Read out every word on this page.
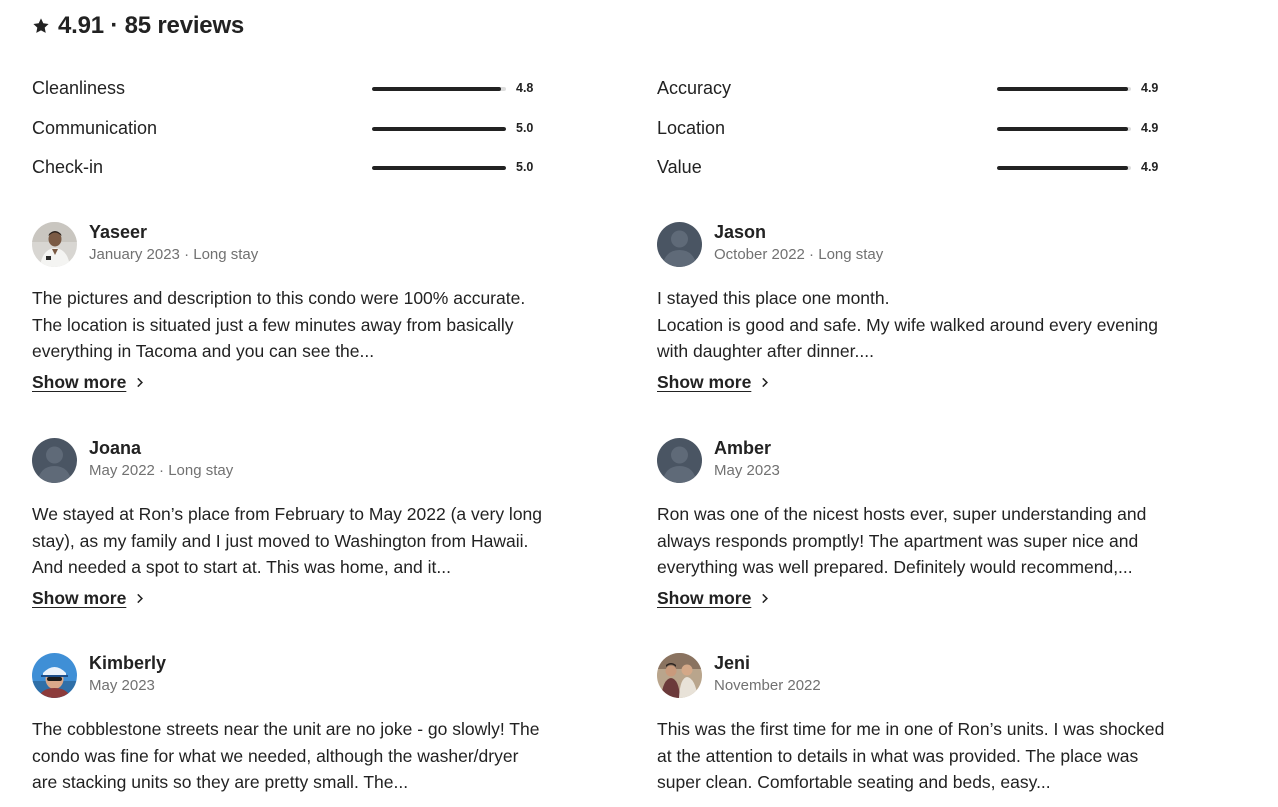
4.91 · 85 reviews
Cleanliness	4.8
Communication	5.0
Check-in	5.0
Accuracy	4.9
Location	4.9
Value	4.9
Yaseer
January 2023 · Long stay

The pictures and description to this condo were 100% accurate. The location is situated just a few minutes away from basically everything in Tacoma and you can see the...

Show more
Jason
October 2022 · Long stay

I stayed this place one month.
Location is good and safe. My wife walked around every evening with daughter after dinner....

Show more
Joana
May 2022 · Long stay

We stayed at Ron’s place from February to May 2022 (a very long stay), as my family and I just moved to Washington from Hawaii. And needed a spot to start at. This was home, and it...

Show more
Amber
May 2023

Ron was one of the nicest hosts ever, super understanding and always responds promptly! The apartment was super nice and everything was well prepared. Definitely would recommend,...

Show more
Kimberly
May 2023

The cobblestone streets near the unit are no joke - go slowly! The condo was fine for what we needed, although the washer/dryer are stacking units so they are pretty small. The...

Jeni
November 2022

This was the first time for me in one of Ron’s units. I was shocked at the attention to details in what was provided. The place was super clean. Comfortable seating and beds, easy...
